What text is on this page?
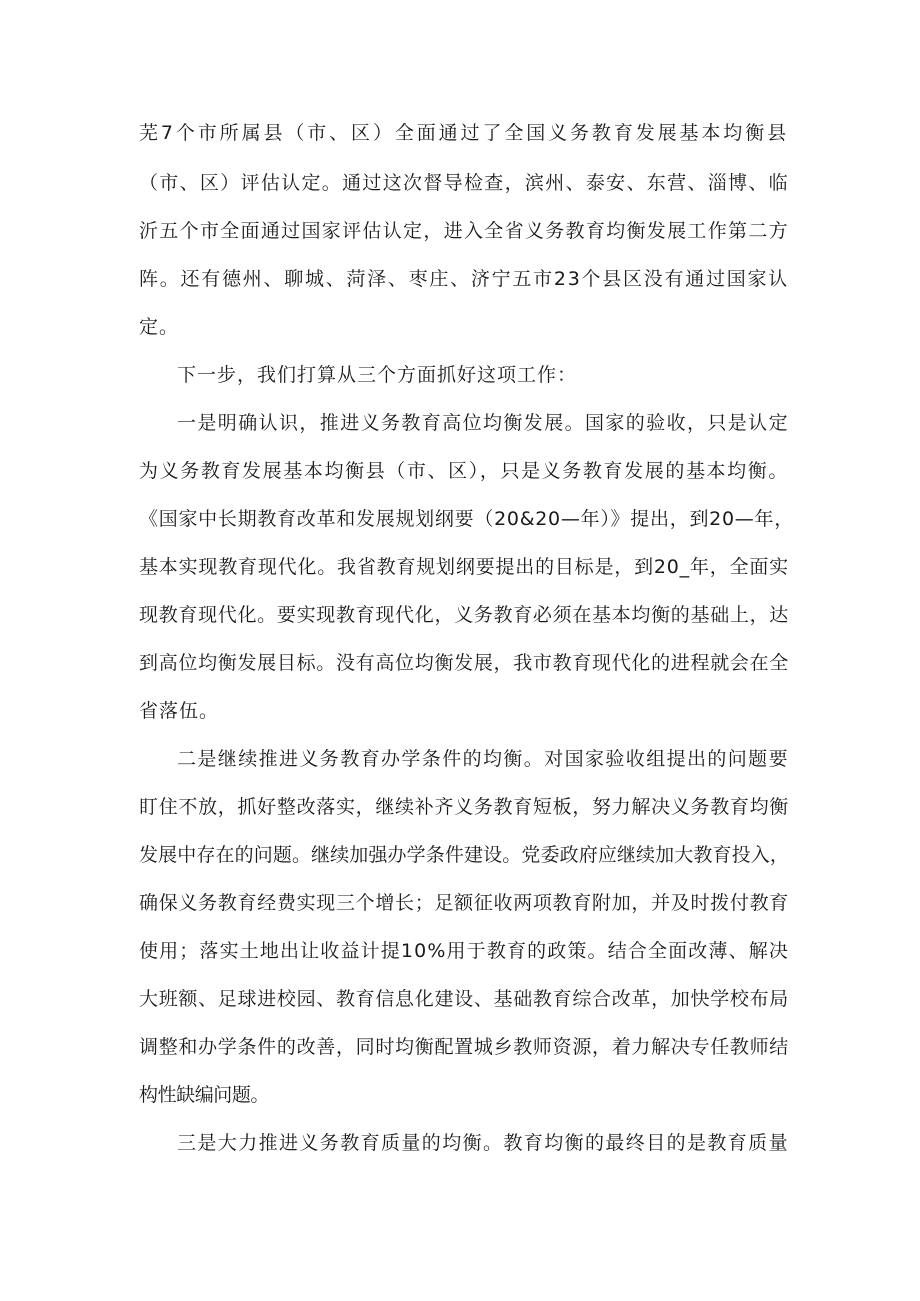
芜7个市所属县（市、区）全面通过了全国义务教育发展基本均衡县
（市、区）评估认定。通过这次督导检查，滨州、泰安、东营、淄博、临
沂五个市全面通过国家评估认定，进入全省义务教育均衡发展工作第二方
阵。还有德州、聊城、菏泽、枣庄、济宁五市23个县区没有通过国家认
定。
下一步，我们打算从三个方面抓好这项工作：
一是明确认识，推进义务教育高位均衡发展。国家的验收，只是认定
为义务教育发展基本均衡县（市、区），只是义务教育发展的基本均衡。
《国家中长期教育改革和发展规划纲要（20&20—年）》提出，到20—年，
基本实现教育现代化。我省教育规划纲要提出的目标是，到20_年，全面实
现教育现代化。要实现教育现代化，义务教育必须在基本均衡的基础上，达
到高位均衡发展目标。没有高位均衡发展，我市教育现代化的进程就会在全
省落伍。
二是继续推进义务教育办学条件的均衡。对国家验收组提出的问题要
盯住不放，抓好整改落实，继续补齐义务教育短板，努力解决义务教育均衡
发展中存在的问题。继续加强办学条件建设。党委政府应继续加大教育投入，
确保义务教育经费实现三个增长；足额征收两项教育附加，并及时拨付教育
使用；落实土地出让收益计提10%用于教育的政策。结合全面改薄、解决
大班额、足球进校园、教育信息化建设、基础教育综合改革，加快学校布局
调整和办学条件的改善，同时均衡配置城乡教师资源，着力解决专任教师结
构性缺编问题。
三是大力推进义务教育质量的均衡。教育均衡的最终目的是教育质量
